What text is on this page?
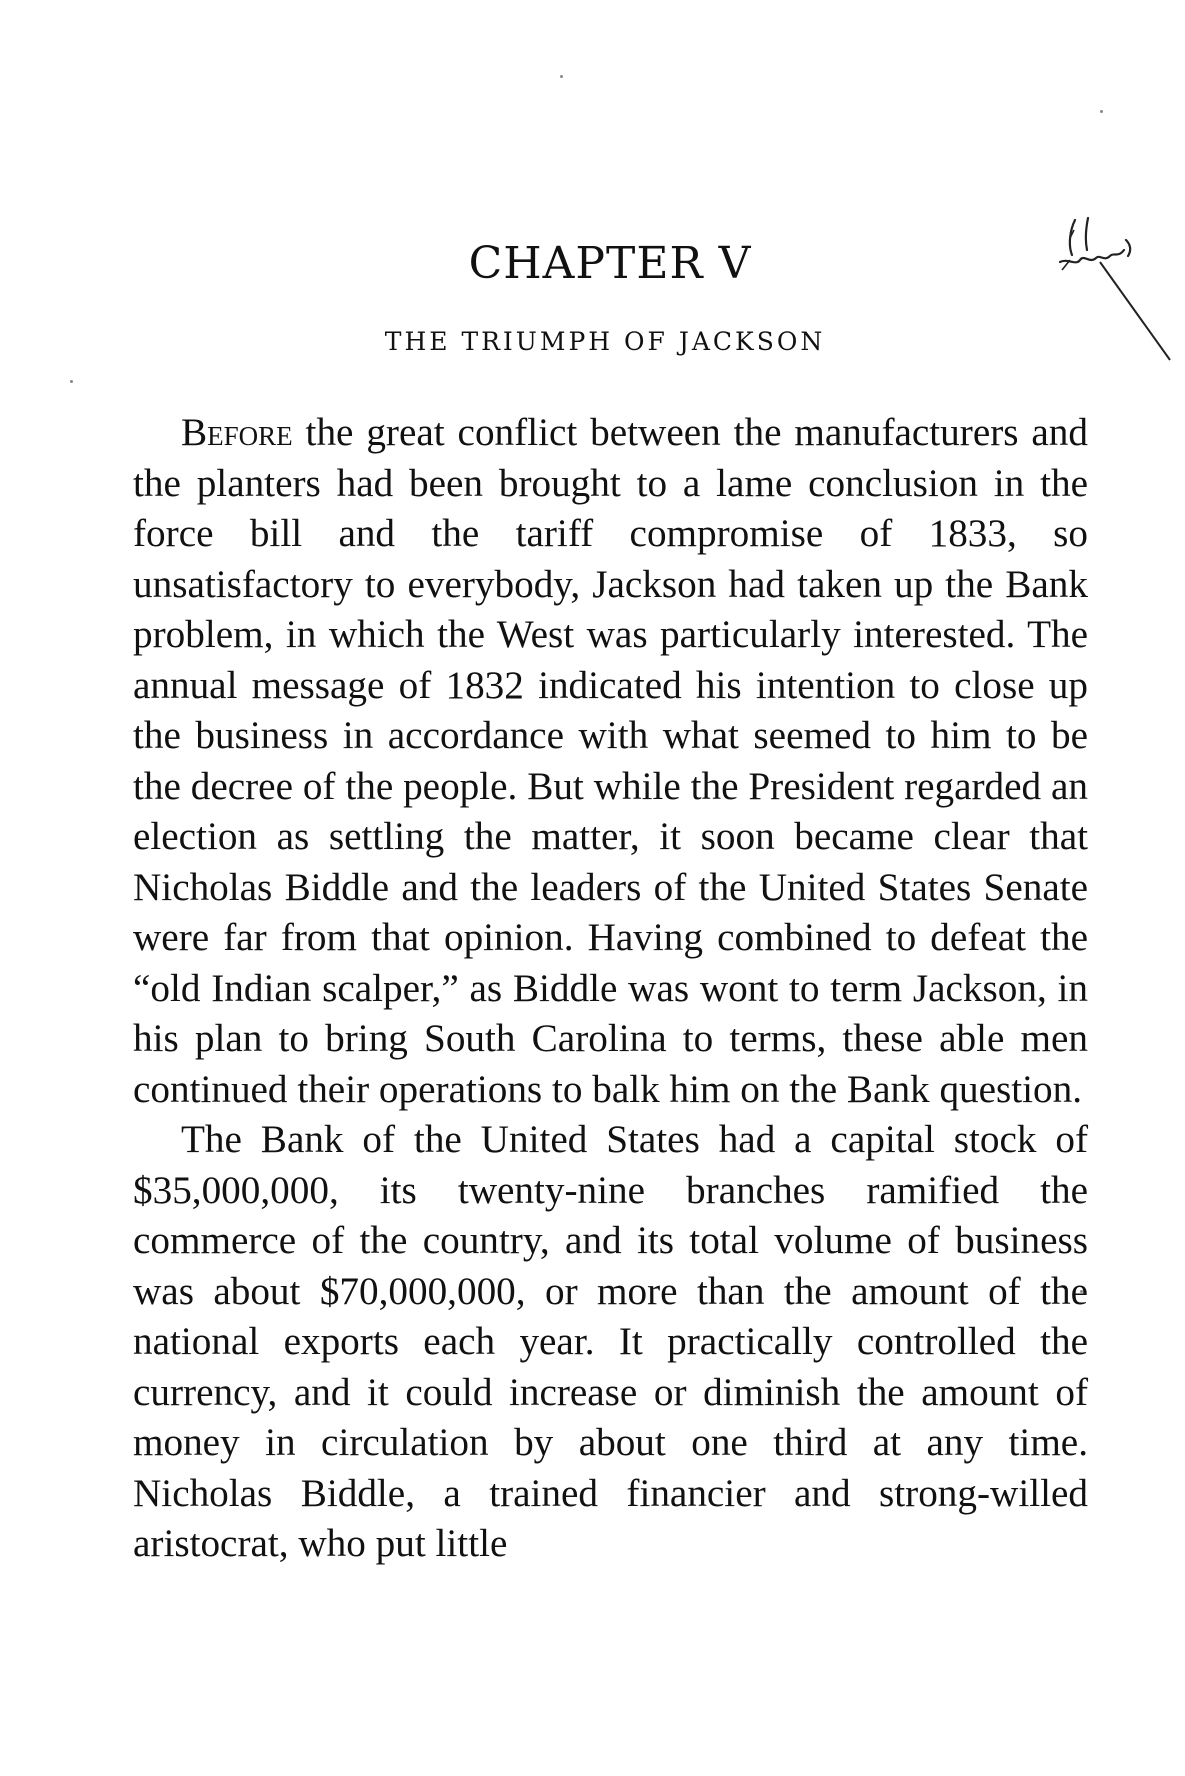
CHAPTER V
THE TRIUMPH OF JACKSON

Before the great conflict between the manufacturers and the planters had been brought to a lame conclusion in the force bill and the tariff compromise of 1833, so unsatisfactory to everybody, Jackson had taken up the Bank problem, in which the West was particularly interested. The annual message of 1832 indicated his intention to close up the business in accordance with what seemed to him to be the decree of the people. But while the President regarded an election as settling the matter, it soon became clear that Nicholas Biddle and the leaders of the United States Senate were far from that opinion. Having combined to defeat the “old Indian scalper,” as Biddle was wont to term Jackson, in his plan to bring South Carolina to terms, these able men continued their operations to balk him on the Bank question.

The Bank of the United States had a capital stock of $35,000,000, its twenty-nine branches ramified the commerce of the country, and its total volume of business was about $70,000,000, or more than the amount of the national exports each year. It practically controlled the currency, and it could increase or diminish the amount of money in circulation by about one third at any time. Nicholas Biddle, a trained financier and strong-willed aristocrat, who put little
